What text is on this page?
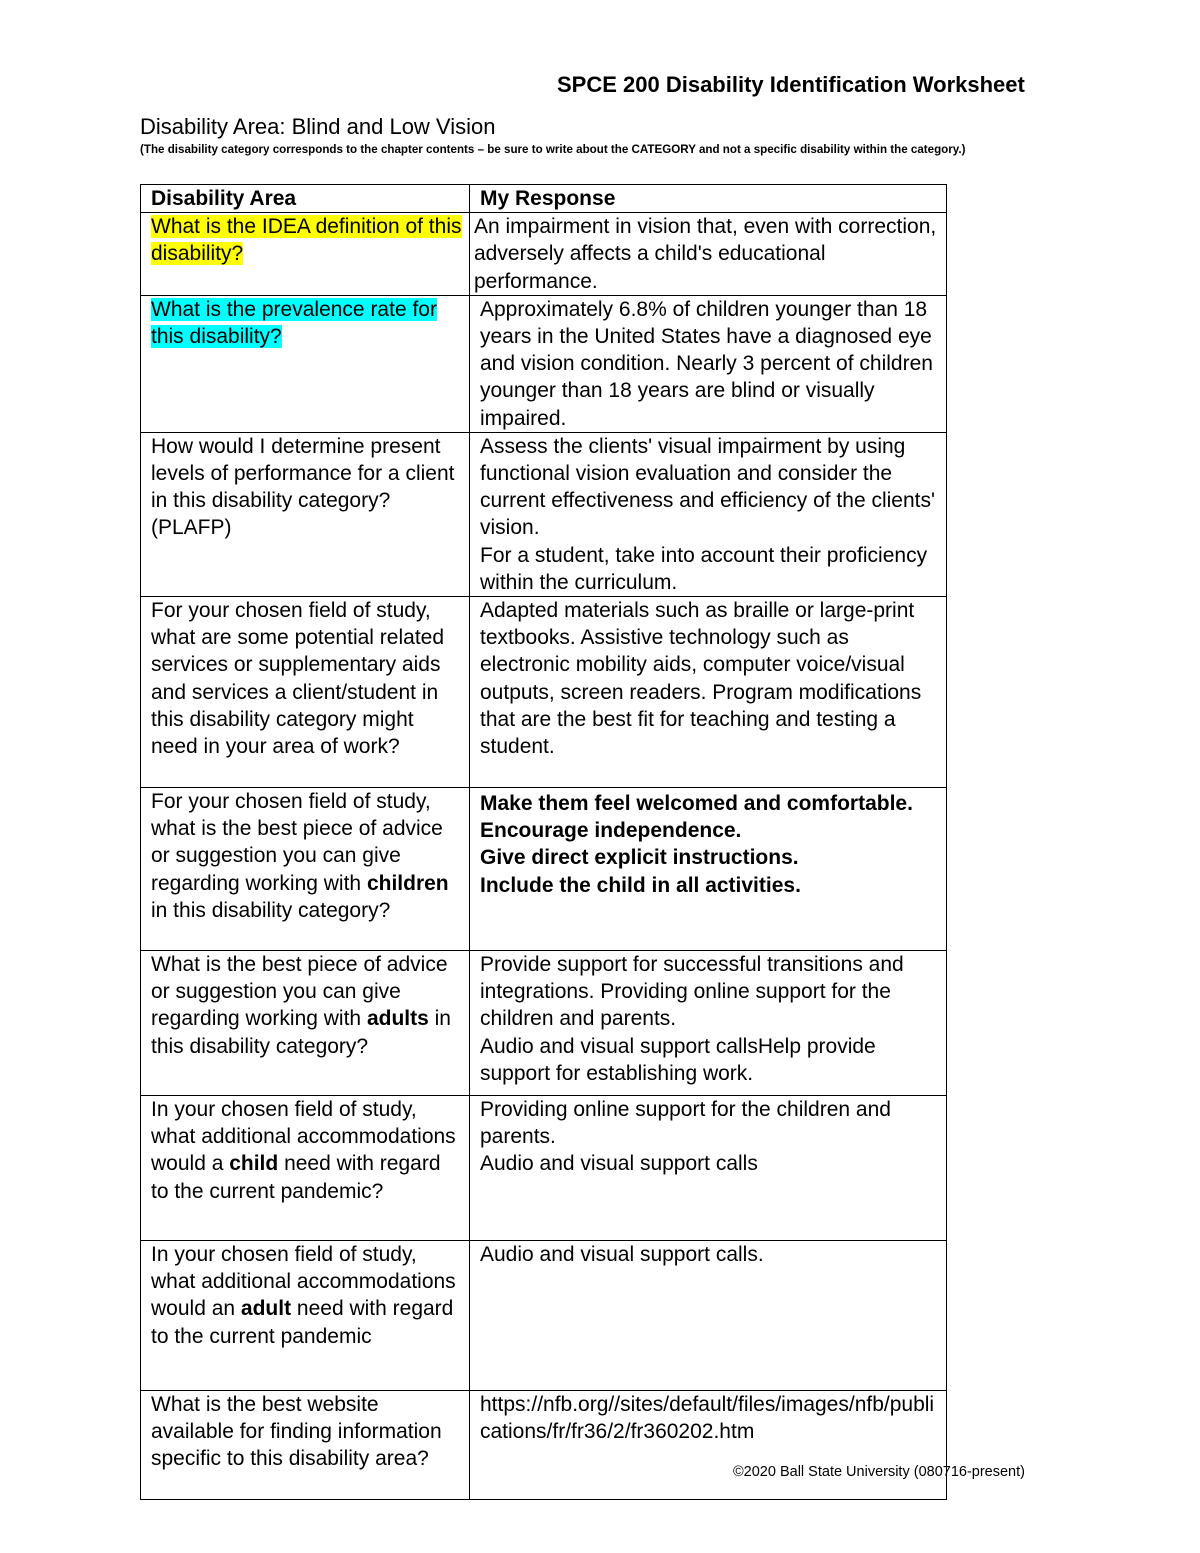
SPCE 200 Disability Identification Worksheet
Disability Area: Blind and Low Vision
(The disability category corresponds to the chapter contents – be sure to write about the CATEGORY and not a specific disability within the category.)
Disability Area	My Response
What is the IDEA definition of this disability?	An impairment in vision that, even with correction, adversely affects a child's educational performance.

What is the prevalence rate for this disability?	Approximately 6.8% of children younger than 18 years in the United States have a diagnosed eye and vision condition. Nearly 3 percent of children younger than 18 years are blind or visually impaired.

How would I determine present levels of performance for a client in this disability category? (PLAFP)	Assess the clients' visual impairment by using functional vision evaluation and consider the current effectiveness and efficiency of the clients' vision.
For a student, take into account their proficiency within the curriculum.

For your chosen field of study, what are some potential related services or supplementary aids and services a client/student in this disability category might need in your area of work?	Adapted materials such as braille or large-print textbooks. Assistive technology such as electronic mobility aids, computer voice/visual outputs, screen readers. Program modifications that are the best fit for teaching and testing a student.

For your chosen field of study, what is the best piece of advice or suggestion you can give regarding working with children in this disability category?	Make them feel welcomed and comfortable. Encourage independence.
Give direct explicit instructions.
Include the child in all activities.

What is the best piece of advice or suggestion you can give regarding working with adults in this disability category?	Provide support for successful transitions and integrations. Providing online support for the children and parents.
Audio and visual support callsHelp provide support for establishing work.

In your chosen field of study, what additional accommodations would a child need with regard to the current pandemic?	Providing online support for the children and parents.
Audio and visual support calls

In your chosen field of study, what additional accommodations would an adult need with regard to the current pandemic	Audio and visual support calls.

What is the best website available for finding information specific to this disability area?	https://nfb.org//sites/default/files/images/nfb/publications/fr/fr36/2/fr360202.htm
©2020 Ball State University (080716-present)
